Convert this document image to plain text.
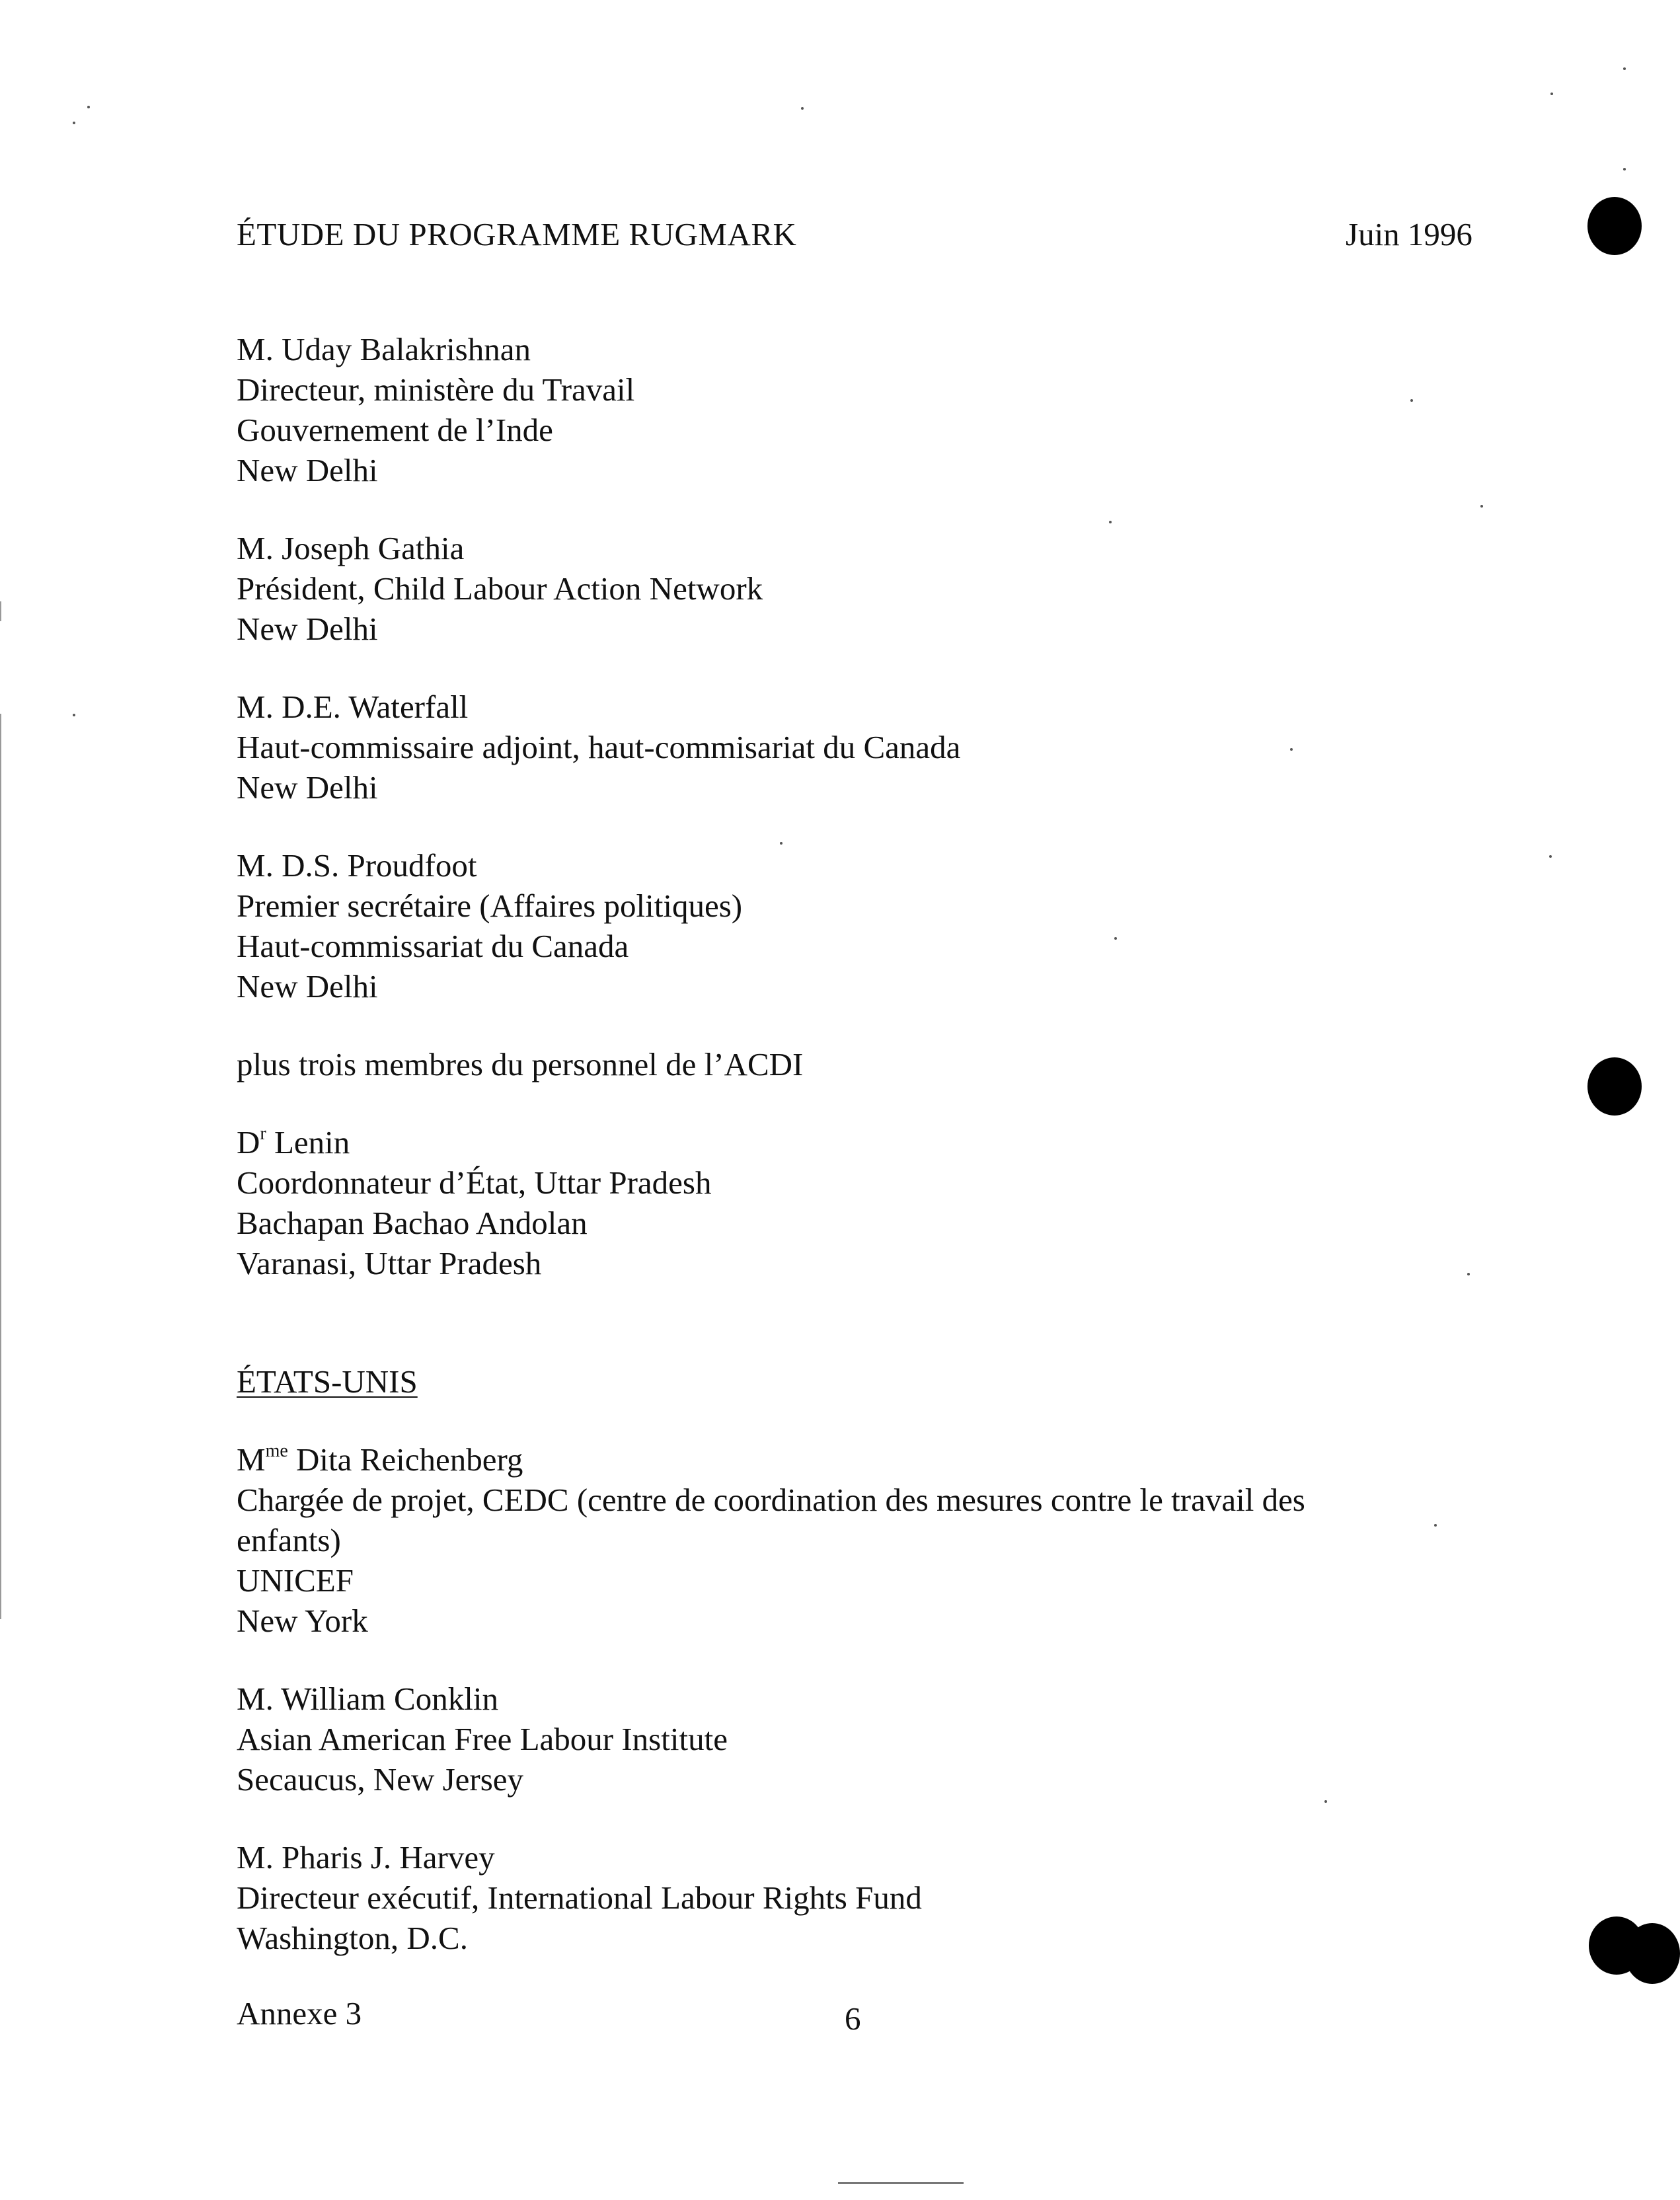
ÉTUDE DU PROGRAMME RUGMARK	Juin 1996
M. Uday Balakrishnan
Directeur, ministère du Travail
Gouvernement de l’Inde
New Delhi
M. Joseph Gathia
Président, Child Labour Action Network
New Delhi
M. D.E. Waterfall
Haut-commissaire adjoint, haut-commisariat du Canada
New Delhi
M. D.S. Proudfoot
Premier secrétaire (Affaires politiques)
Haut-commissariat du Canada
New Delhi
plus trois membres du personnel de l’ACDI
$D^r$ Lenin
Coordonnateur d’État, Uttar Pradesh
Bachapan Bachao Andolan
Varanasi, Uttar Pradesh
ÉTATS-UNIS
$M^{me}$ Dita Reichenberg
Chargée de projet, CEDC (centre de coordination des mesures contre le travail des enfants)
UNICEF
New York
M. William Conklin
Asian American Free Labour Institute
Secaucus, New Jersey
M. Pharis J. Harvey
Directeur exécutif, International Labour Rights Fund
Washington, D.C.
Annexe 3	6
